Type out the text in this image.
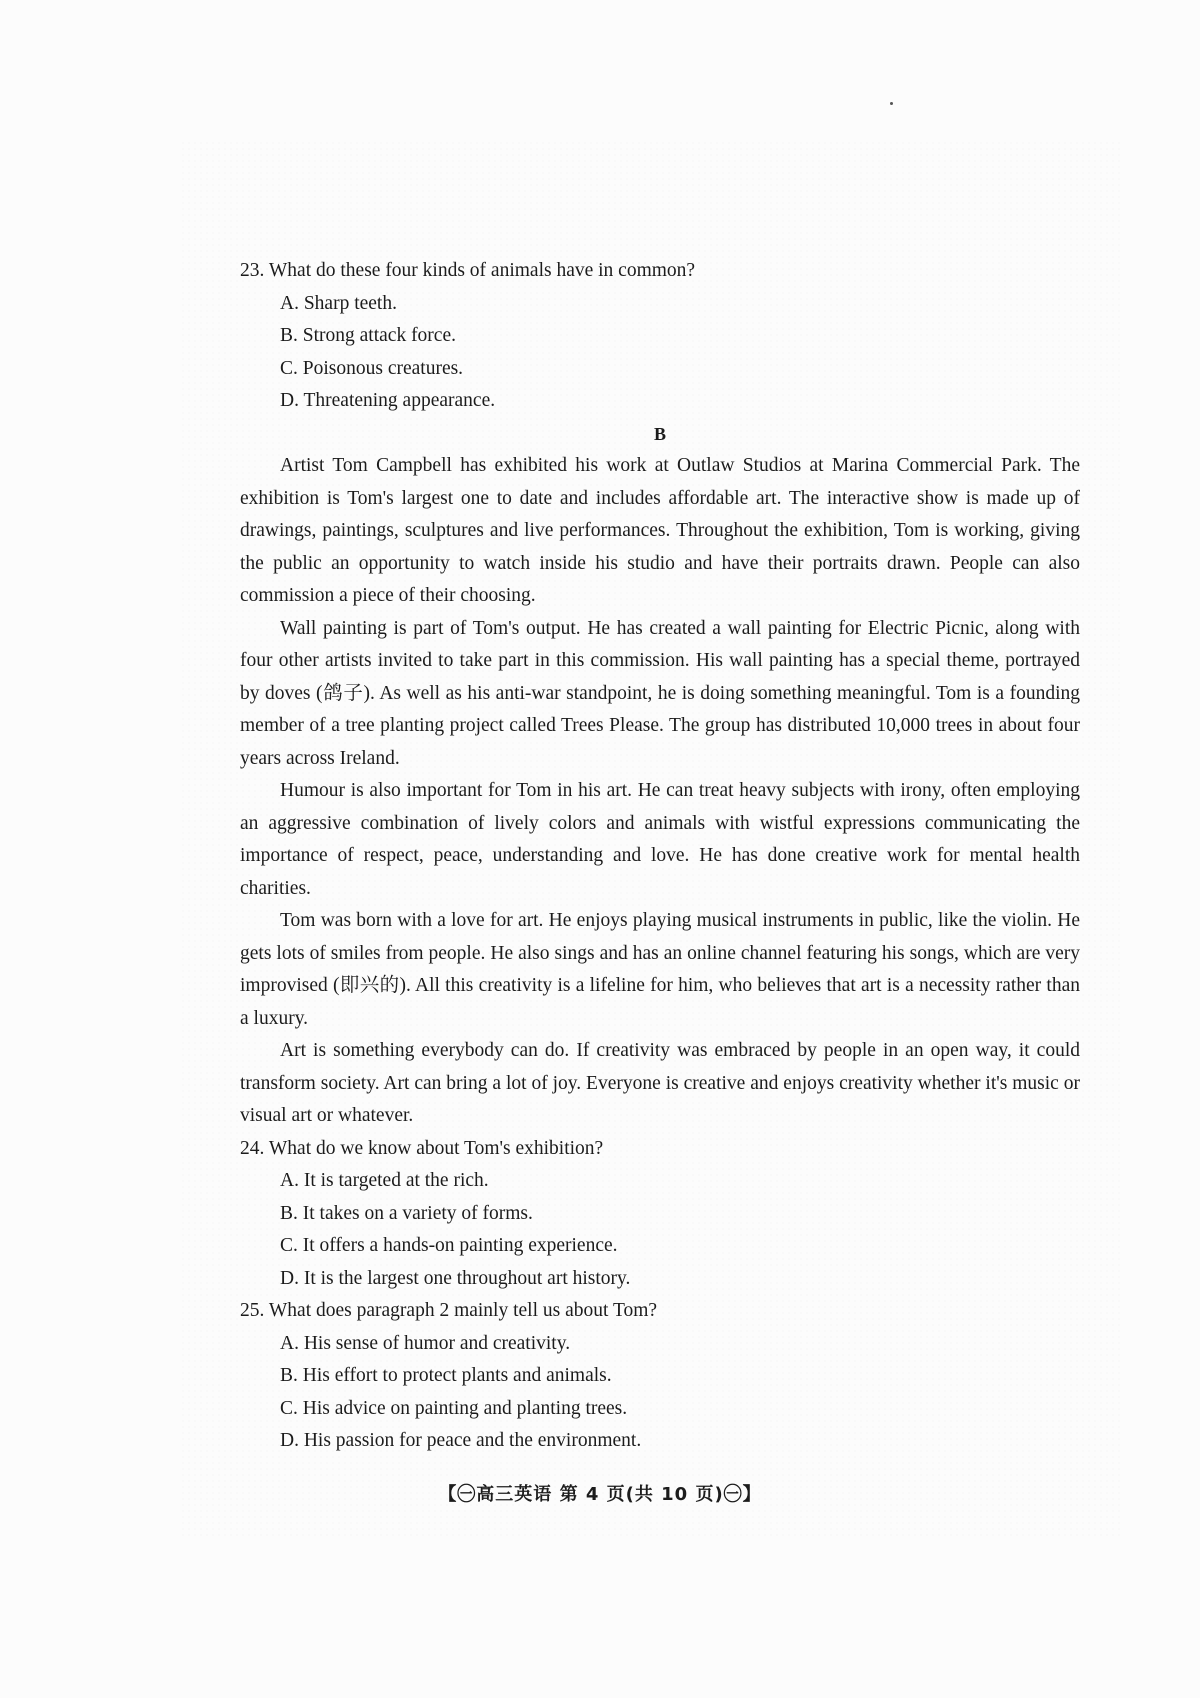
23. What do these four kinds of animals have in common?

A. Sharp teeth.

B. Strong attack force.

C. Poisonous creatures.

D. Threatening appearance.

B

Artist Tom Campbell has exhibited his work at Outlaw Studios at Marina Commercial Park. The exhibition is Tom's largest one to date and includes affordable art. The interactive show is made up of drawings, paintings, sculptures and live performances. Throughout the exhibition, Tom is working, giving the public an opportunity to watch inside his studio and have their portraits drawn. People can also commission a piece of their choosing.

Wall painting is part of Tom's output. He has created a wall painting for Electric Picnic, along with four other artists invited to take part in this commission. His wall painting has a special theme, portrayed by doves (鸽子). As well as his anti-war standpoint, he is doing something meaningful. Tom is a founding member of a tree planting project called Trees Please. The group has distributed 10,000 trees in about four years across Ireland.

Humour is also important for Tom in his art. He can treat heavy subjects with irony, often employing an aggressive combination of lively colors and animals with wistful expressions communicating the importance of respect, peace, understanding and love. He has done creative work for mental health charities.

Tom was born with a love for art. He enjoys playing musical instruments in public, like the violin. He gets lots of smiles from people. He also sings and has an online channel featuring his songs, which are very improvised (即兴的). All this creativity is a lifeline for him, who believes that art is a necessity rather than a luxury.

Art is something everybody can do. If creativity was embraced by people in an open way, it could transform society. Art can bring a lot of joy. Everyone is creative and enjoys creativity whether it's music or visual art or whatever.

24. What do we know about Tom's exhibition?

A. It is targeted at the rich.

B. It takes on a variety of forms.

C. It offers a hands-on painting experience.

D. It is the largest one throughout art history.

25. What does paragraph 2 mainly tell us about Tom?

A. His sense of humor and creativity.

B. His effort to protect plants and animals.

C. His advice on painting and planting trees.

D. His passion for peace and the environment.

【㊀高三英语 第 4 页(共 10 页)㊀】
